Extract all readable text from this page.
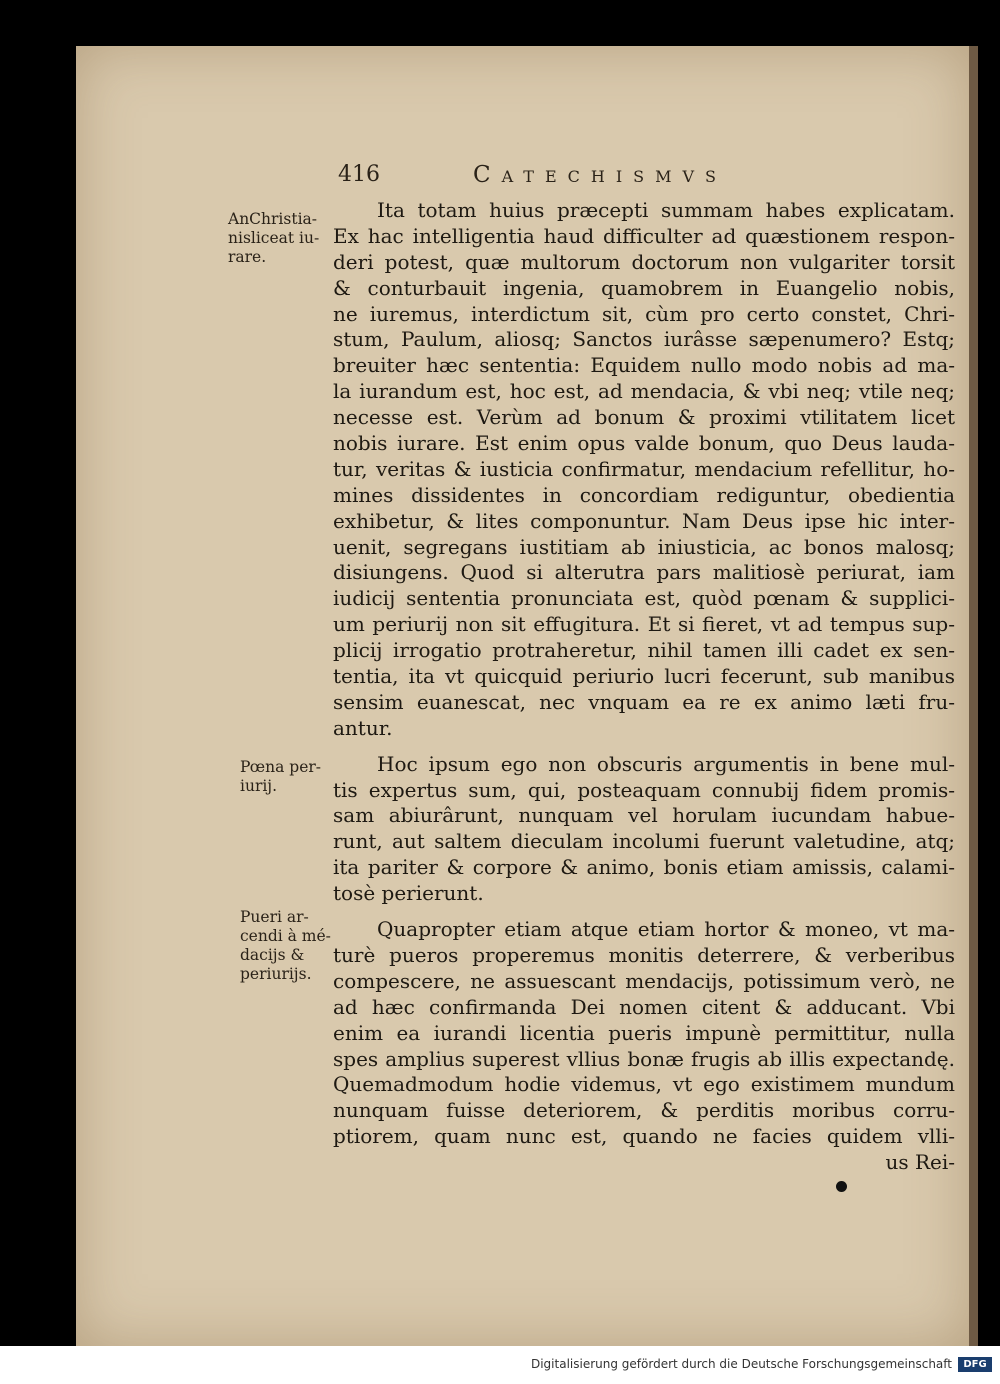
416	Catechismvs
AnChristia-
nisliceat iu-
rare.
Pœna per-
iurij.
Pueri ar-
cendi à mé-
dacijs &
periurijs.
Ita totam huius præcepti summam habes explicatam.
Ex hac intelligentia haud difficulter ad quæstionem respon-
deri potest, quæ multorum doctorum non vulgariter torsit
& conturbauit ingenia, quamobrem in Euangelio nobis,
ne iuremus, interdictum sit, cùm pro certo constet, Chri-
stum, Paulum, aliosq; Sanctos iurâsse sæpenumero? Estq;
breuiter hæc sententia: Equidem nullo modo nobis ad ma-
la iurandum est, hoc est, ad mendacia, & vbi neq; vtile neq;
necesse est. Verùm ad bonum & proximi vtilitatem licet
nobis iurare. Est enim opus valde bonum, quo Deus lauda-
tur, veritas & iusticia confirmatur, mendacium refellitur, ho-
mines dissidentes in concordiam rediguntur, obedientia
exhibetur, & lites componuntur. Nam Deus ipse hic inter-
uenit, segregans iustitiam ab iniusticia, ac bonos malosq;
disiungens. Quod si alterutra pars malitiosè periurat, iam
iudicij sententia pronunciata est, quòd pœnam & supplici-
um periurij non sit effugitura. Et si fieret, vt ad tempus sup-
plicij irrogatio protraheretur, nihil tamen illi cadet ex sen-
tentia, ita vt quicquid periurio lucri fecerunt, sub manibus
sensim euanescat, nec vnquam ea re ex animo læti fru-
antur.
Hoc ipsum ego non obscuris argumentis in bene mul-
tis expertus sum, qui, posteaquam connubij fidem promis-
sam abiurârunt, nunquam vel horulam iucundam habue-
runt, aut saltem dieculam incolumi fuerunt valetudine, atq;
ita pariter & corpore & animo, bonis etiam amissis, calami-
tosè perierunt.
Quapropter etiam atque etiam hortor & moneo, vt ma-
turè pueros properemus monitis deterrere, & verberibus
compescere, ne assuescant mendacijs, potissimum verò, ne
ad hæc confirmanda Dei nomen citent & adducant. Vbi
enim ea iurandi licentia pueris impunè permittitur, nulla
spes amplius superest vllius bonæ frugis ab illis expectandę.
Quemadmodum hodie videmus, vt ego existimem mundum
nunquam fuisse deteriorem, & perditis moribus corru-
ptiorem, quam nunc est, quando ne facies quidem vlli-
us Rei-
Digitalisierung gefördert durch die Deutsche Forschungsgemeinschaft	DFG
